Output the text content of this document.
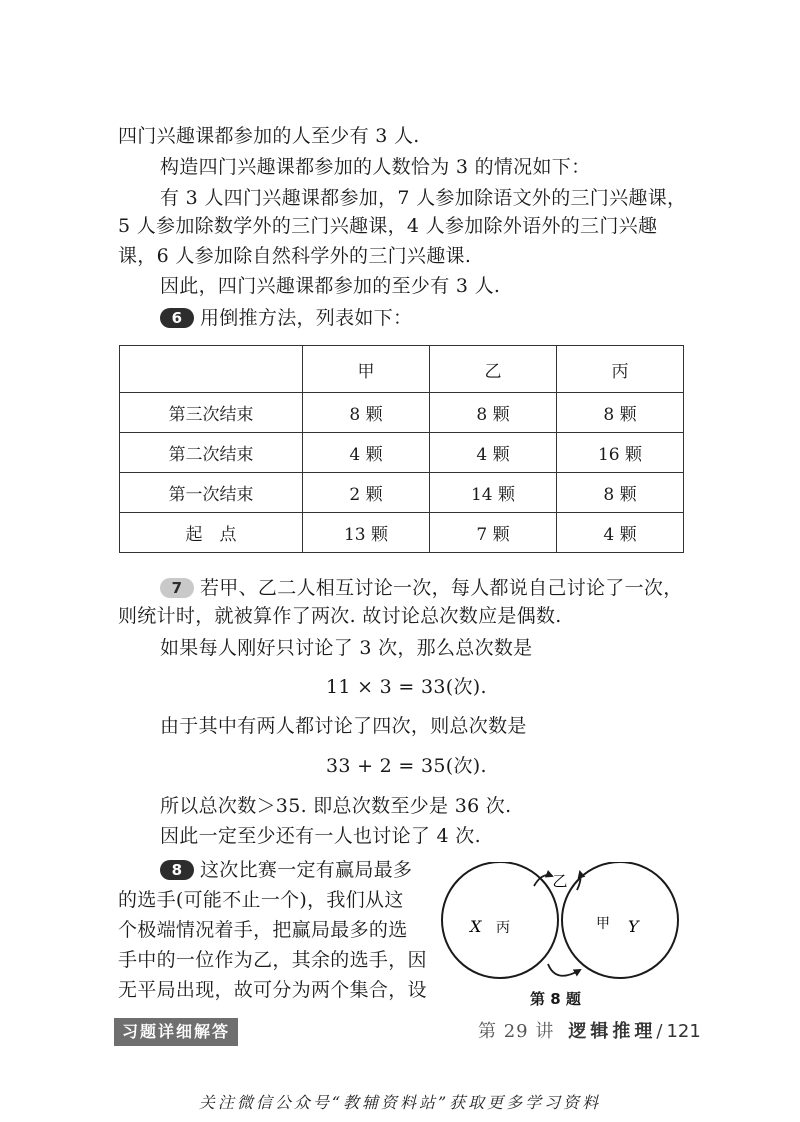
四门兴趣课都参加的人至少有 3 人.
构造四门兴趣课都参加的人数恰为 3 的情况如下：
有 3 人四门兴趣课都参加，7 人参加除语文外的三门兴趣课，
5 人参加除数学外的三门兴趣课，4 人参加除外语外的三门兴趣
课，6 人参加除自然科学外的三门兴趣课.
因此，四门兴趣课都参加的至少有 3 人.
6 用倒推方法，列表如下：
	甲	乙	丙
第三次结束	8 颗	8 颗	8 颗
第二次结束	4 颗	4 颗	16 颗
第一次结束	2 颗	14 颗	8 颗
起　点	13 颗	7 颗	4 颗
7 若甲、乙二人相互讨论一次，每人都说自己讨论了一次，
则统计时，就被算作了两次. 故讨论总次数应是偶数.
如果每人刚好只讨论了 3 次，那么总次数是
11 × 3 = 33(次).
由于其中有两人都讨论了四次，则总次数是
33 + 2 = 35(次).
所以总次数＞35. 即总次数至少是 36 次.
因此一定至少还有一人也讨论了 4 次.
8 这次比赛一定有赢局最多
的选手(可能不止一个)，我们从这
个极端情况着手，把赢局最多的选
手中的一位作为乙，其余的选手，因
无平局出现，故可分为两个集合，设
乙
X 丙	甲 Y
第 8 题
习题详细解答	第 29 讲 逻辑推理/ 121
关注微信公众号“教辅资料站”获取更多学习资料
